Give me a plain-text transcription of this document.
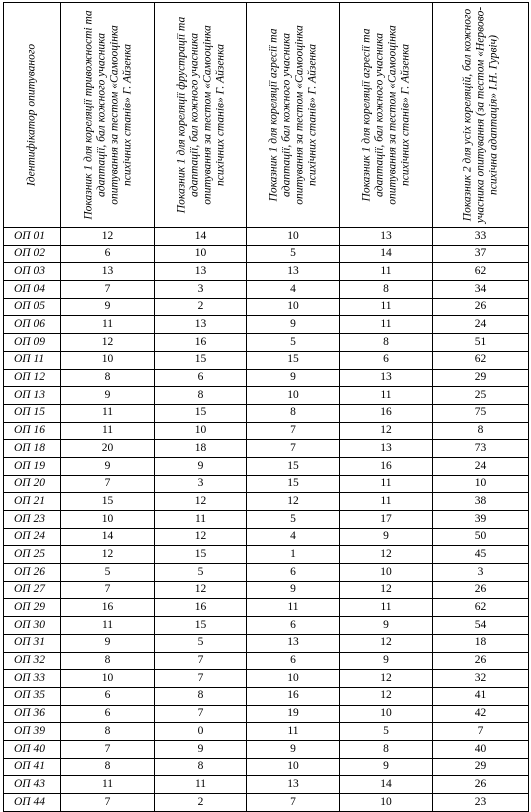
Ідентифікатор опитуваного	Показник 1 для кореляції тривожності та адаптації, бал кожного учасника опитування за тестом «Самооцінка психічних станів» Г. Айзенка	Показник 1 для кореляції фрустрації та адаптації, бал кожного учасника опитування за тестом «Самооцінка психічних станів» Г. Айзенка	Показник 1 для кореляції агресії та адаптації, бал кожного учасника опитування за тестом «Самооцінка психічних станів» Г. Айзенка	Показник 1 для кореляції агресії та адаптації, бал кожного учасника опитування за тестом «Самооцінка психічних станів» Г. Айзенка	Показник 2 для усіх кореляцій, бал кожного учасника опитування (за тестом «Нервово-психічна адаптація» І.Н. Гурвіч)

ОП 01	12	14	10	13	33
ОП 02	6	10	5	14	37
ОП 03	13	13	13	11	62
ОП 04	7	3	4	8	34
ОП 05	9	2	10	11	26
ОП 06	11	13	9	11	24
ОП 09	12	16	5	8	51
ОП 11	10	15	15	6	62
ОП 12	8	6	9	13	29
ОП 13	9	8	10	11	25
ОП 15	11	15	8	16	75
ОП 16	11	10	7	12	8
ОП 18	20	18	7	13	73
ОП 19	9	9	15	16	24
ОП 20	7	3	15	11	10
ОП 21	15	12	12	11	38
ОП 23	10	11	5	17	39
ОП 24	14	12	4	9	50
ОП 25	12	15	1	12	45
ОП 26	5	5	6	10	3
ОП 27	7	12	9	12	26
ОП 29	16	16	11	11	62
ОП 30	11	15	6	9	54
ОП 31	9	5	13	12	18
ОП 32	8	7	6	9	26
ОП 33	10	7	10	12	32
ОП 35	6	8	16	12	41
ОП 36	6	7	19	10	42
ОП 39	8	0	11	5	7
ОП 40	7	9	9	8	40
ОП 41	8	8	10	9	29
ОП 43	11	11	13	14	26
ОП 44	7	2	7	10	23
